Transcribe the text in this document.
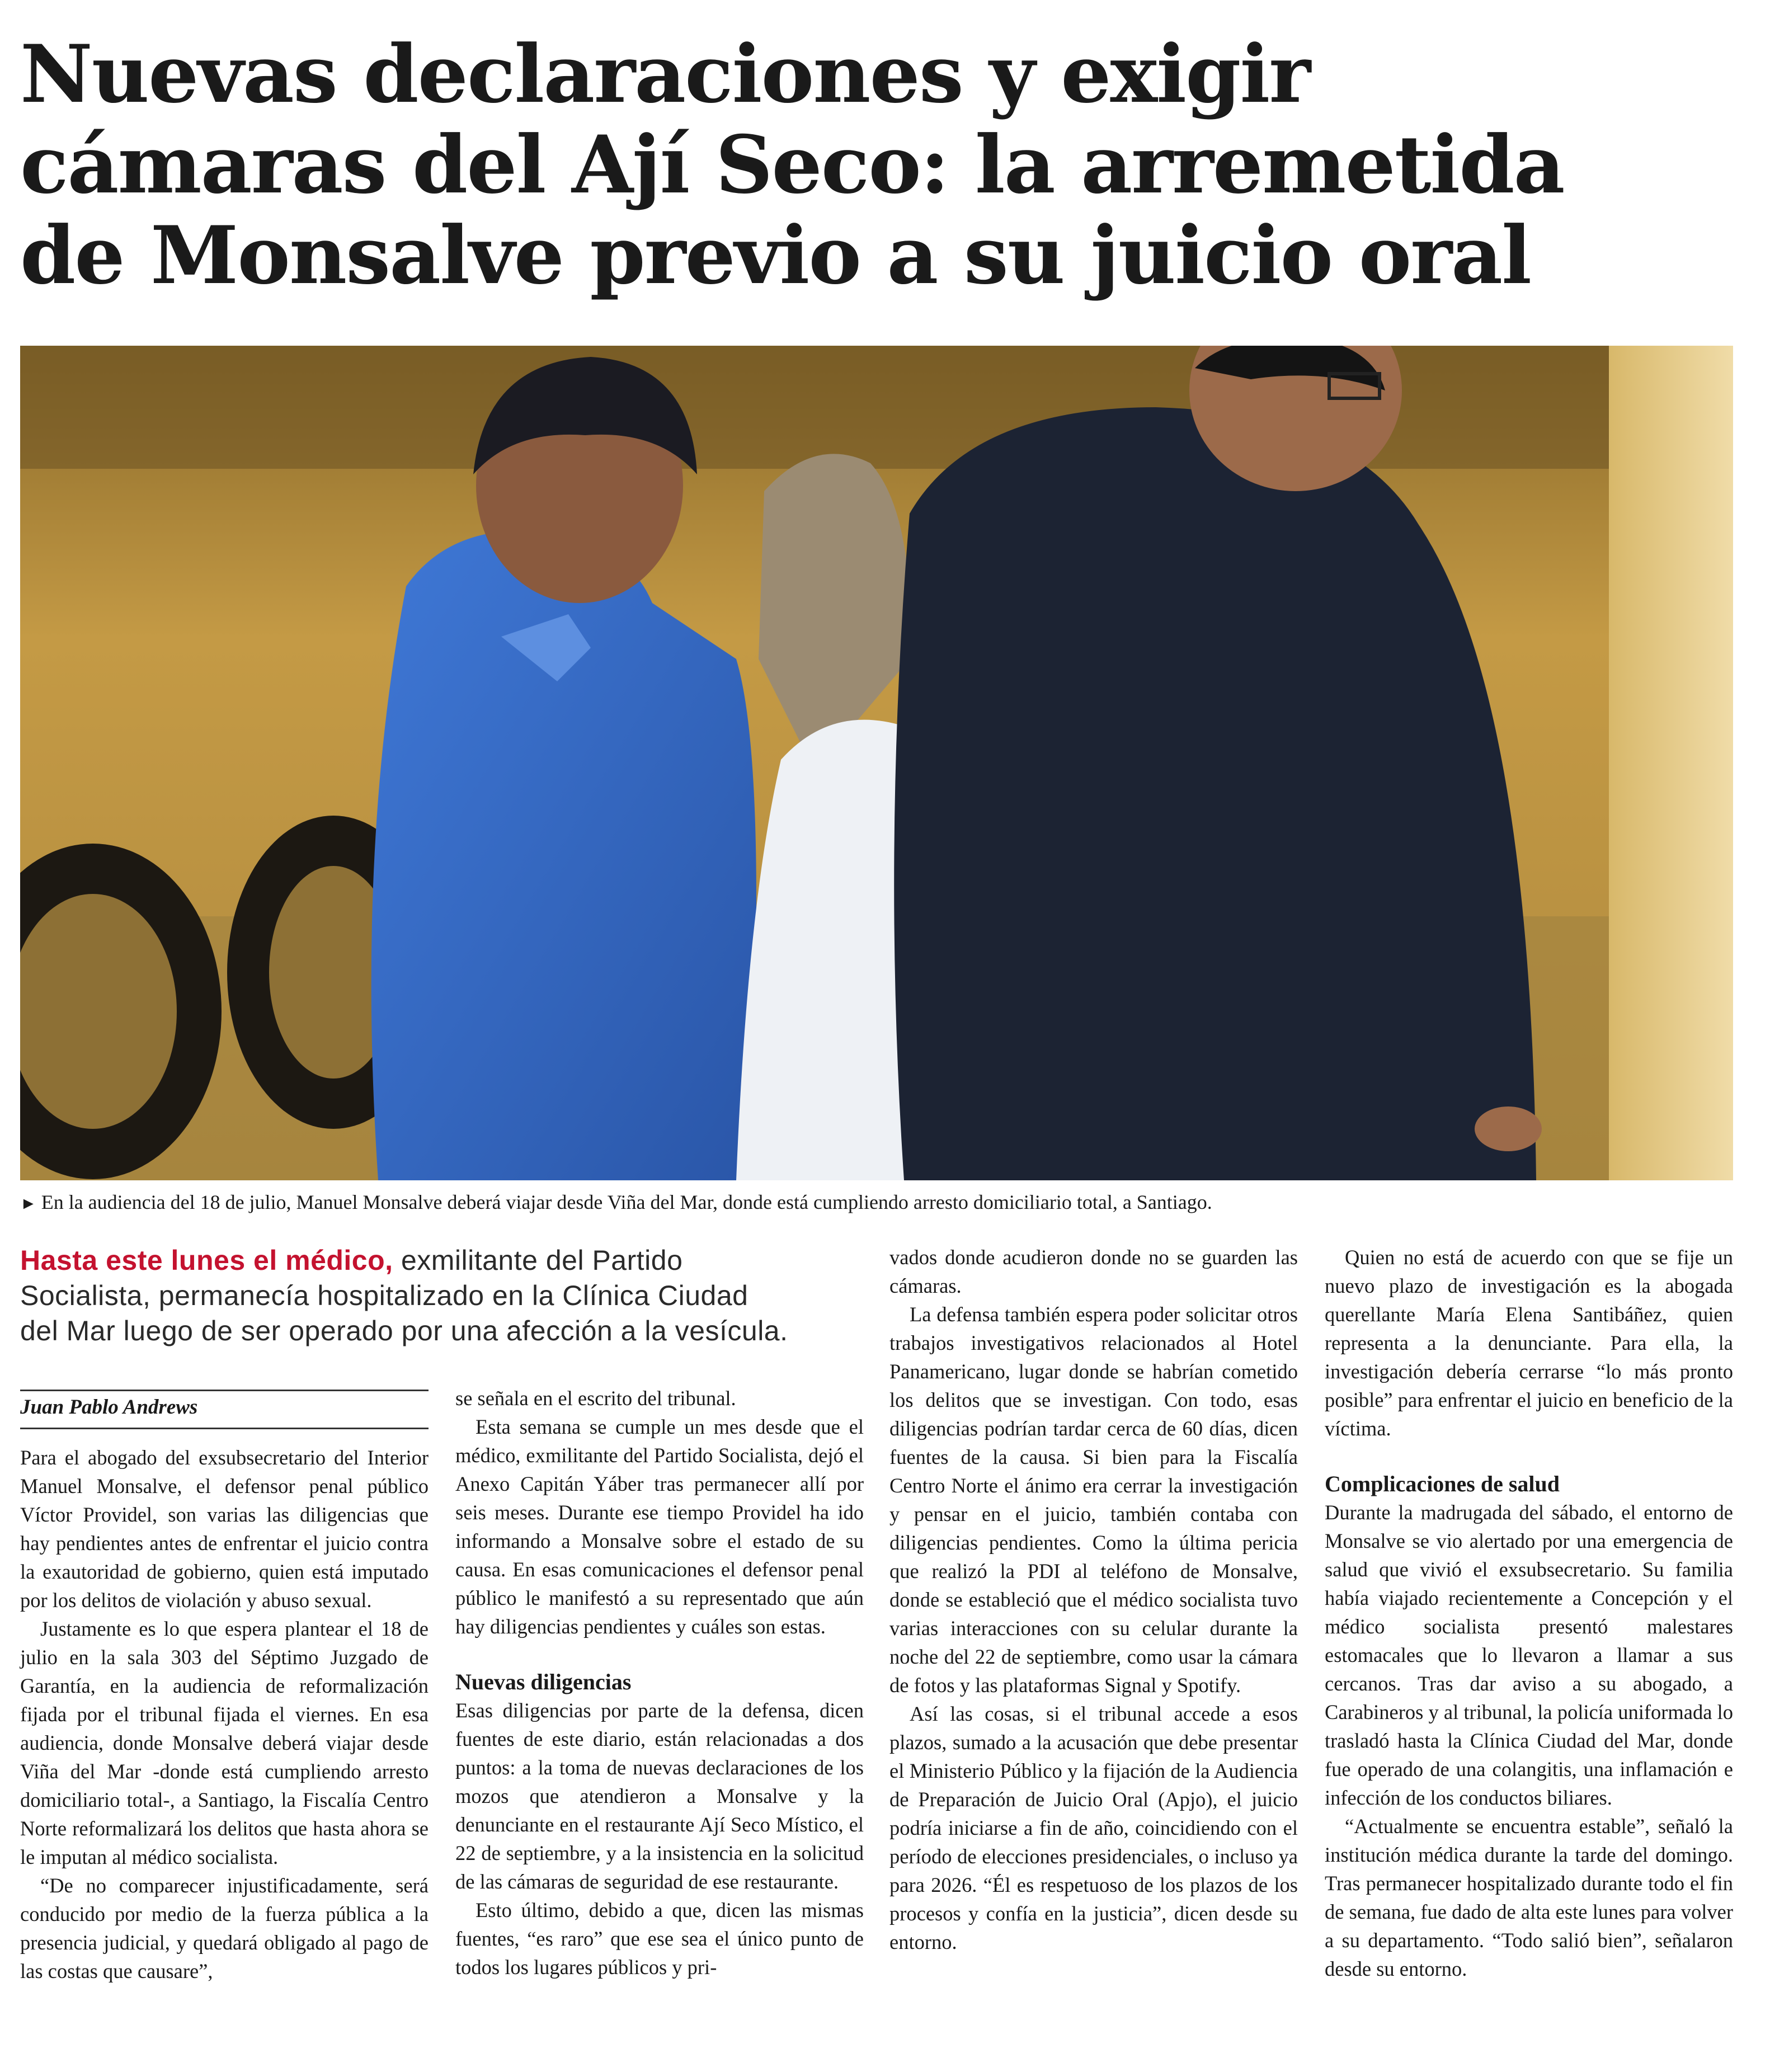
Nuevas declaraciones y exigir
cámaras del Ají Seco: la arremetida
de Monsalve previo a su juicio oral
► En la audiencia del 18 de julio, Manuel Monsalve deberá viajar desde Viña del Mar, donde está cumpliendo arresto domiciliario total, a Santiago.
Hasta este lunes el médico, exmilitante del Partido
Socialista, permanecía hospitalizado en la Clínica Ciudad
del Mar luego de ser operado por una afección a la vesícula.
Juan Pablo Andrews

Para el abogado del exsubsecretario del Interior Manuel Monsalve, el defensor penal público Víctor Providel, son varias las diligencias que hay pendientes antes de enfrentar el juicio contra la exautoridad de gobierno, quien está imputado por los delitos de violación y abuso sexual.

Justamente es lo que espera plantear el 18 de julio en la sala 303 del Séptimo Juzgado de Garantía, en la audiencia de reformalización fijada por el tribunal fijada el viernes. En esa audiencia, donde Monsalve deberá viajar desde Viña del Mar -donde está cumpliendo arresto domiciliario total-, a Santiago, la Fiscalía Centro Norte reformalizará los delitos que hasta ahora se le imputan al médico socialista.

“De no comparecer injustificadamente, será conducido por medio de la fuerza pública a la presencia judicial, y quedará obligado al pago de las costas que causare”,

se señala en el escrito del tribunal.

Esta semana se cumple un mes desde que el médico, exmilitante del Partido Socialista, dejó el Anexo Capitán Yáber tras permanecer allí por seis meses. Durante ese tiempo Providel ha ido informando a Monsalve sobre el estado de su causa. En esas comunicaciones el defensor penal público le manifestó a su representado que aún hay diligencias pendientes y cuáles son estas.

Nuevas diligencias

Esas diligencias por parte de la defensa, dicen fuentes de este diario, están relacionadas a dos puntos: a la toma de nuevas declaraciones de los mozos que atendieron a Monsalve y la denunciante en el restaurante Ají Seco Místico, el 22 de septiembre, y a la insistencia en la solicitud de las cámaras de seguridad de ese restaurante.

Esto último, debido a que, dicen las mismas fuentes, “es raro” que ese sea el único punto de todos los lugares públicos y pri-

vados donde acudieron donde no se guarden las cámaras.

La defensa también espera poder solicitar otros trabajos investigativos relacionados al Hotel Panamericano, lugar donde se habrían cometido los delitos que se investigan. Con todo, esas diligencias podrían tardar cerca de 60 días, dicen fuentes de la causa. Si bien para la Fiscalía Centro Norte el ánimo era cerrar la investigación y pensar en el juicio, también contaba con diligencias pendientes. Como la última pericia que realizó la PDI al teléfono de Monsalve, donde se estableció que el médico socialista tuvo varias interacciones con su celular durante la noche del 22 de septiembre, como usar la cámara de fotos y las plataformas Signal y Spotify.

Así las cosas, si el tribunal accede a esos plazos, sumado a la acusación que debe presentar el Ministerio Público y la fijación de la Audiencia de Preparación de Juicio Oral (Apjo), el juicio podría iniciarse a fin de año, coincidiendo con el período de elecciones presidenciales, o incluso ya para 2026. “Él es respetuoso de los plazos de los procesos y confía en la justicia”, dicen desde su entorno.

Quien no está de acuerdo con que se fije un nuevo plazo de investigación es la abogada querellante María Elena Santibáñez, quien representa a la denunciante. Para ella, la investigación debería cerrarse “lo más pronto posible” para enfrentar el juicio en beneficio de la víctima.

Complicaciones de salud

Durante la madrugada del sábado, el entorno de Monsalve se vio alertado por una emergencia de salud que vivió el exsubsecretario. Su familia había viajado recientemente a Concepción y el médico socialista presentó malestares estomacales que lo llevaron a llamar a sus cercanos. Tras dar aviso a su abogado, a Carabineros y al tribunal, la policía uniformada lo trasladó hasta la Clínica Ciudad del Mar, donde fue operado de una colangitis, una inflamación e infección de los conductos biliares.

“Actualmente se encuentra estable”, señaló la institución médica durante la tarde del domingo. Tras permanecer hospitalizado durante todo el fin de semana, fue dado de alta este lunes para volver a su departamento. “Todo salió bien”, señalaron desde su entorno.
